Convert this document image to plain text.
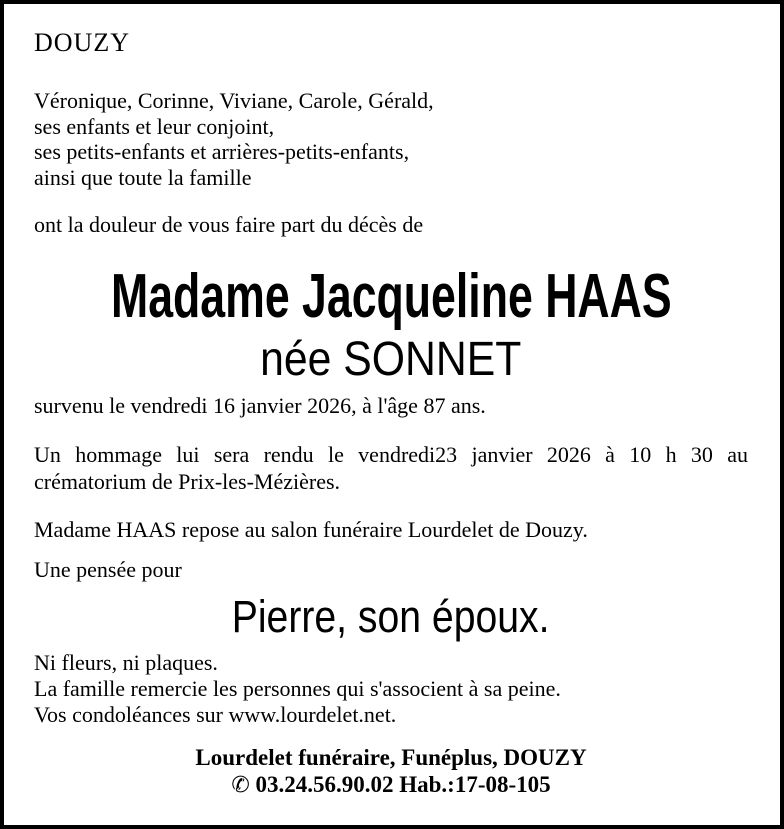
DOUZY
Véronique, Corinne, Viviane, Carole, Gérald,
ses enfants et leur conjoint,
ses petits-enfants et arrières-petits-enfants,
ainsi que toute la famille
ont la douleur de vous faire part du décès de
Madame Jacqueline HAAS
née SONNET
survenu le vendredi 16 janvier 2026, à l'âge 87 ans.
Un hommage lui sera rendu le vendredi23 janvier 2026 à 10 h 30 au
crématorium de Prix-les-Mézières.
Madame HAAS repose au salon funéraire Lourdelet de Douzy.
Une pensée pour
Pierre, son époux.
Ni fleurs, ni plaques.
La famille remercie les personnes qui s'associent à sa peine.
Vos condoléances sur www.lourdelet.net.
Lourdelet funéraire, Funéplus, DOUZY
✆ 03.24.56.90.02 Hab.:17-08-105
